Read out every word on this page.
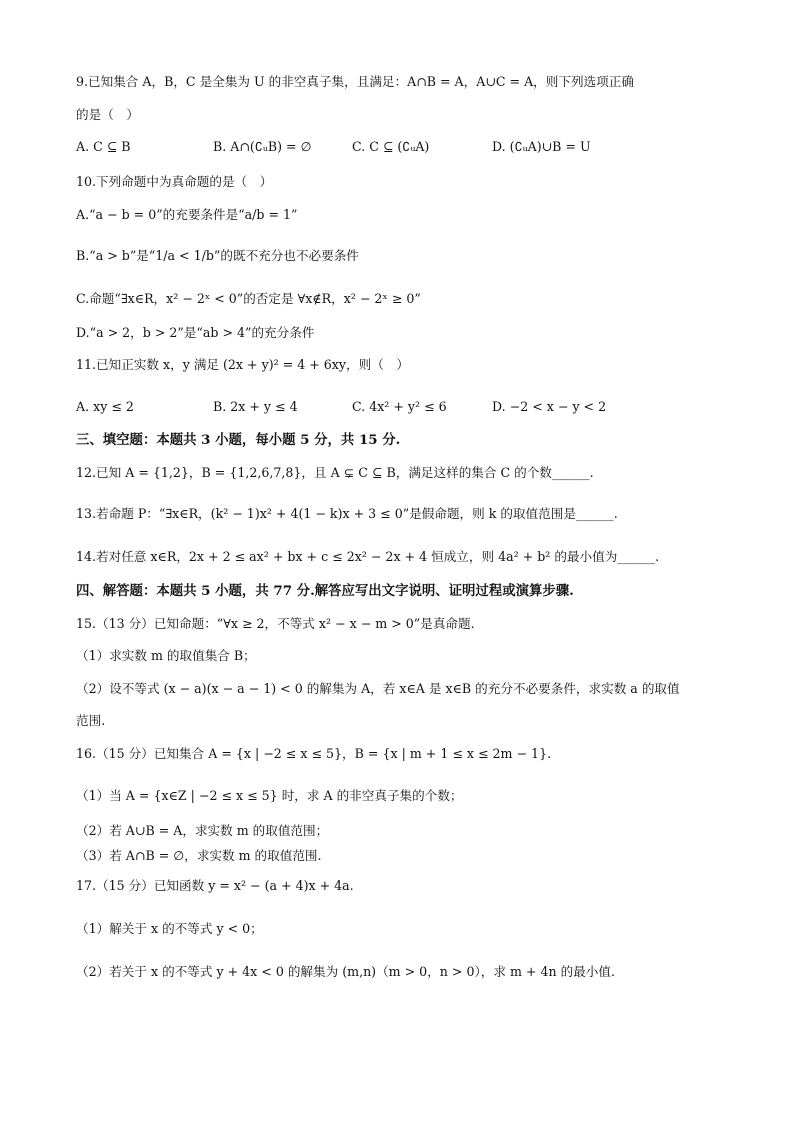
9.已知集合 A，B，C 是全集为 U 的非空真子集，且满足：A∩B = A，A∪C = A，则下列选项正确
的是（　）
A. C ⊆ B	B. A∩(∁ᵤB) = ∅	C. C ⊆ (∁ᵤA)	D. (∁ᵤA)∪B = U
10.下列命题中为真命题的是（　）
A.“a − b = 0”的充要条件是“a/b = 1”
B.“a > b”是“1/a < 1/b”的既不充分也不必要条件
C.命题“∃x∈R，x² − 2ˣ < 0”的否定是 ∀x∉R，x² − 2ˣ ≥ 0”
D.“a > 2，b > 2”是“ab > 4”的充分条件
11.已知正实数 x，y 满足 (2x + y)² = 4 + 6xy，则（　）
A. xy ≤ 2	B. 2x + y ≤ 4	C. 4x² + y² ≤ 6	D. −2 < x − y < 2
三、填空题：本题共 3 小题，每小题 5 分，共 15 分.
12.已知 A = {1,2}，B = {1,2,6,7,8}，且 A ⊊ C ⊆ B，满足这样的集合 C 的个数______.
13.若命题 P：“∃x∈R，(k² − 1)x² + 4(1 − k)x + 3 ≤ 0”是假命题，则 k 的取值范围是______.
14.若对任意 x∈R，2x + 2 ≤ ax² + bx + c ≤ 2x² − 2x + 4 恒成立，则 4a² + b² 的最小值为______.
四、解答题：本题共 5 小题，共 77 分.解答应写出文字说明、证明过程或演算步骤.
15.（13 分）已知命题：“∀x ≥ 2，不等式 x² − x − m > 0”是真命题.
（1）求实数 m 的取值集合 B；
（2）设不等式 (x − a)(x − a − 1) < 0 的解集为 A，若 x∈A 是 x∈B 的充分不必要条件，求实数 a 的取值
范围.
16.（15 分）已知集合 A = {x | −2 ≤ x ≤ 5}，B = {x | m + 1 ≤ x ≤ 2m − 1}.
（1）当 A = {x∈Z | −2 ≤ x ≤ 5} 时，求 A 的非空真子集的个数；
（2）若 A∪B = A，求实数 m 的取值范围；
（3）若 A∩B = ∅，求实数 m 的取值范围.
17.（15 分）已知函数 y = x² − (a + 4)x + 4a.
（1）解关于 x 的不等式 y < 0；
（2）若关于 x 的不等式 y + 4x < 0 的解集为 (m,n)（m > 0，n > 0），求 m + 4n 的最小值.
